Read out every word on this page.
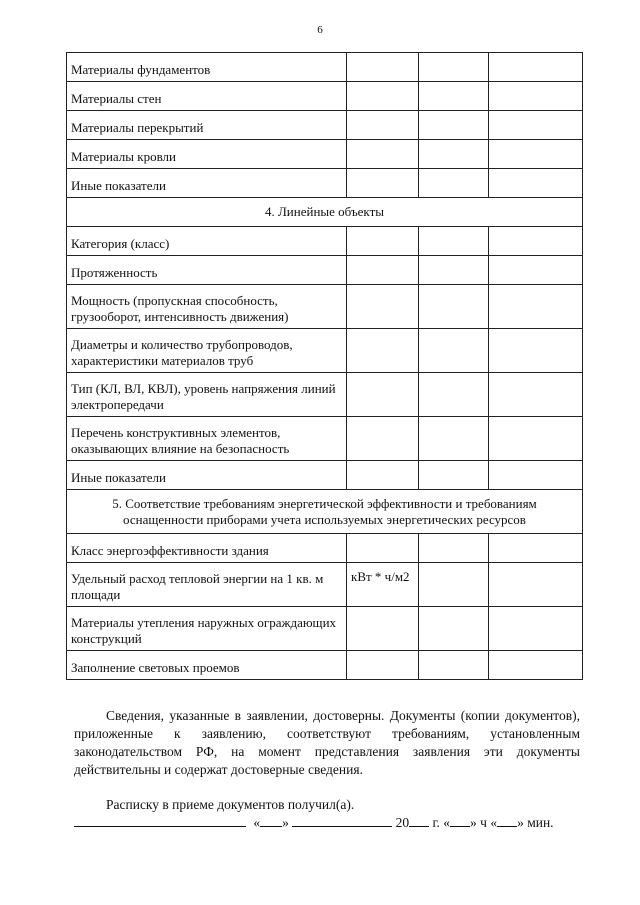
6
Материалы фундаментов			
Материалы стен			
Материалы перекрытий			
Материалы кровли			
Иные показатели			
4. Линейные объекты			
Категория (класс)			
Протяженность			
Мощность (пропускная способность, грузооборот, интенсивность движения)			
Диаметры и количество трубопроводов, характеристики материалов труб			
Тип (КЛ, ВЛ, КВЛ), уровень напряжения линий электропередачи			
Перечень конструктивных элементов, оказывающих влияние на безопасность			
Иные показатели			
5. Соответствие требованиям энергетической эффективности и требованиям оснащенности приборами учета используемых энергетических ресурсов			
Класс энергоэффективности здания			
Удельный расход тепловой энергии на 1 кв. м площади	кВт * ч/м2		
Материалы утепления наружных ограждающих конструкций			
Заполнение световых проемов			

Сведения, указанные в заявлении, достоверны. Документы (копии документов), приложенные к заявлению, соответствуют требованиям, установленным законодательством РФ, на момент представления заявления эти документы действительны и содержат достоверные сведения.

Расписку в приеме документов получил(а).

« »	20 г. « » ч « » мин.
